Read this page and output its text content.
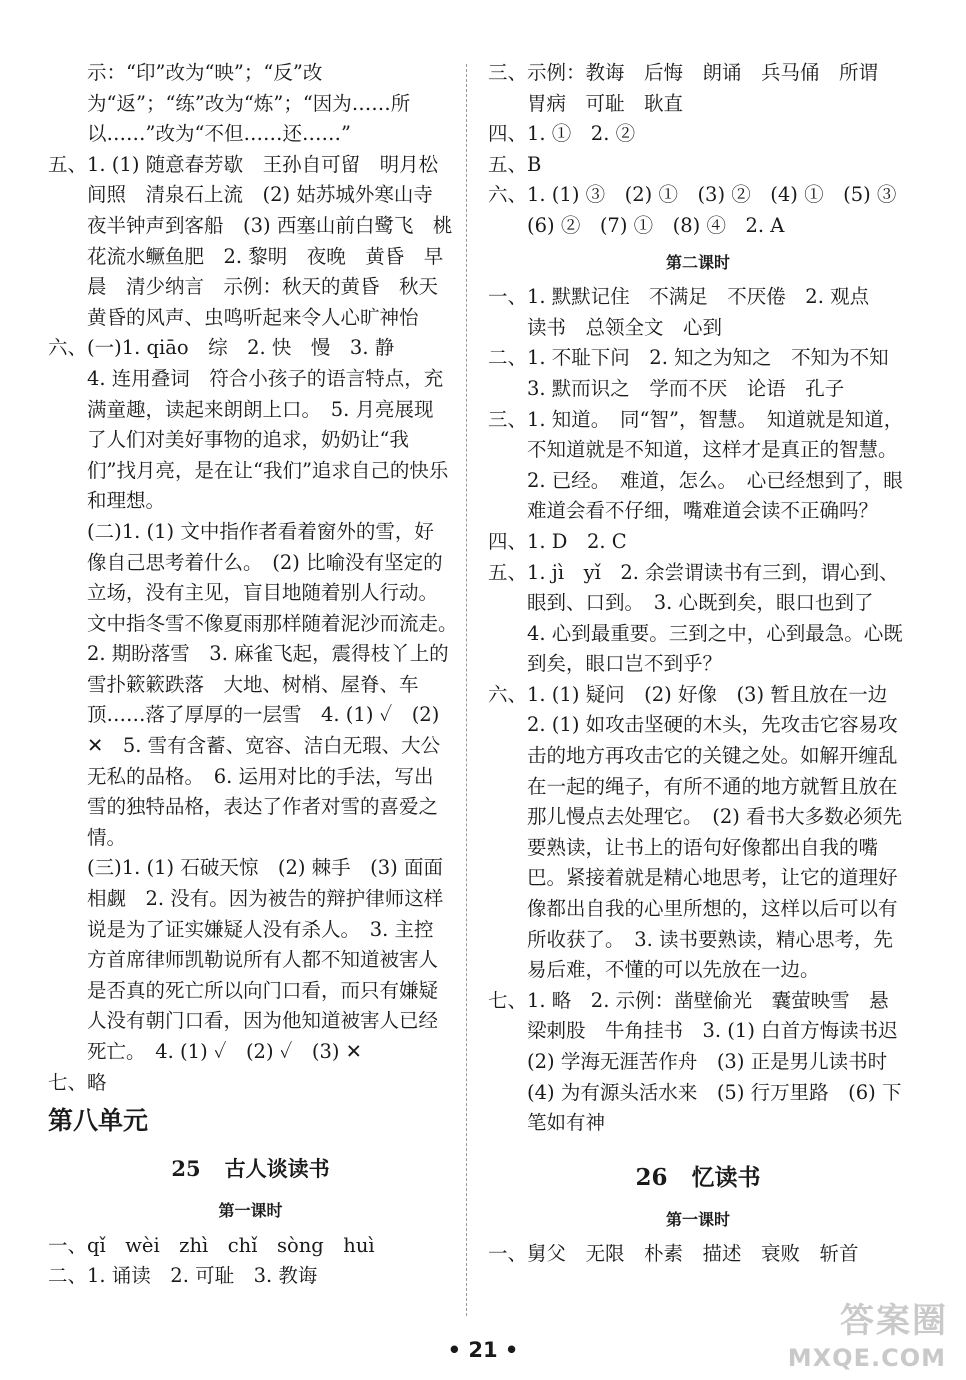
示：“印”改为“映”；“反”改为“返”；“练”改为“炼”；“因为……所以……”改为“不但……还……”

五、1. (1) 随意春芳歇　王孙自可留　明月松间照　清泉石上流　(2) 姑苏城外寒山寺　夜半钟声到客船　(3) 西塞山前白鹭飞　桃花流水鳜鱼肥　2. 黎明　夜晚　黄昏　早晨　清少纳言　示例：秋天的黄昏　秋天黄昏的风声、虫鸣听起来令人心旷神怡

六、(一)1. qiāo　综　2. 快　慢　3. 静

4. 连用叠词　符合小孩子的语言特点，充满童趣，读起来朗朗上口。　5. 月亮展现了人们对美好事物的追求，奶奶让“我们”找月亮，是在让“我们”追求自己的快乐和理想。

(二)1. (1) 文中指作者看着窗外的雪，好像自己思考着什么。　(2) 比喻没有坚定的立场，没有主见，盲目地随着别人行动。文中指冬雪不像夏雨那样随着泥沙而流走。　2. 期盼落雪　3. 麻雀飞起，震得枝丫上的雪扑簌簌跌落　大地、树梢、屋脊、车顶……落了厚厚的一层雪　4. (1) ✓　(2) ✕　5. 雪有含蓄、宽容、洁白无瑕、大公无私的品格。　6. 运用对比的手法，写出雪的独特品格，表达了作者对雪的喜爱之情。

(三)1. (1) 石破天惊　(2) 棘手　(3) 面面相觑　2. 没有。因为被告的辩护律师这样说是为了证实嫌疑人没有杀人。　3. 主控方首席律师凯勒说所有人都不知道被害人是否真的死亡所以向门口看，而只有嫌疑人没有朝门口看，因为他知道被害人已经死亡。　4. (1) ✓　(2) ✓　(3) ✕

七、略

第八单元
25 古人谈读书
第一课时

一、qǐ　wèi　zhì　chǐ　sòng　huì

二、1. 诵读　2. 可耻　3. 教诲

三、示例：教诲　后悔　朗诵　兵马俑　所谓　胃病　可耻　耿直

四、1. ①　2. ②

五、B

六、1. (1) ③　(2) ①　(3) ②　(4) ①　(5) ③　(6) ②　(7) ①　(8) ④　2. A

第二课时

一、1. 默默记住　不满足　不厌倦　2. 观点　读书　总领全文　心到

二、1. 不耻下问　2. 知之为知之　不知为不知　3. 默而识之　学而不厌　论语　孔子

三、1. 知道。　同“智”，智慧。　知道就是知道，不知道就是不知道，这样才是真正的智慧。　2. 已经。　难道，怎么。　心已经想到了，眼难道会看不仔细，嘴难道会读不正确吗？

四、1. D　2. C

五、1. jì　yǐ　2. 余尝谓读书有三到，谓心到、眼到、口到。　3. 心既到矣，眼口也到了　4. 心到最重要。三到之中，心到最急。心既到矣，眼口岂不到乎？

六、1. (1) 疑问　(2) 好像　(3) 暂且放在一边　2. (1) 如攻击坚硬的木头，先攻击它容易攻击的地方再攻击它的关键之处。如解开缠乱在一起的绳子，有所不通的地方就暂且放在那儿慢点去处理它。　(2) 看书大多数必须先要熟读，让书上的语句好像都出自我的嘴巴。紧接着就是精心地思考，让它的道理好像都出自我的心里所想的，这样以后可以有所收获了。　3. 读书要熟读，精心思考，先易后难，不懂的可以先放在一边。

七、1. 略　2. 示例：凿壁偷光　囊萤映雪　悬梁刺股　牛角挂书　3. (1) 白首方悔读书迟　(2) 学海无涯苦作舟　(3) 正是男儿读书时　(4) 为有源头活水来　(5) 行万里路　(6) 下笔如有神

26 忆读书
第一课时

一、舅父　无限　朴素　描述　衰败　斩首

• 21 •
答案圈
MXQE.COM
